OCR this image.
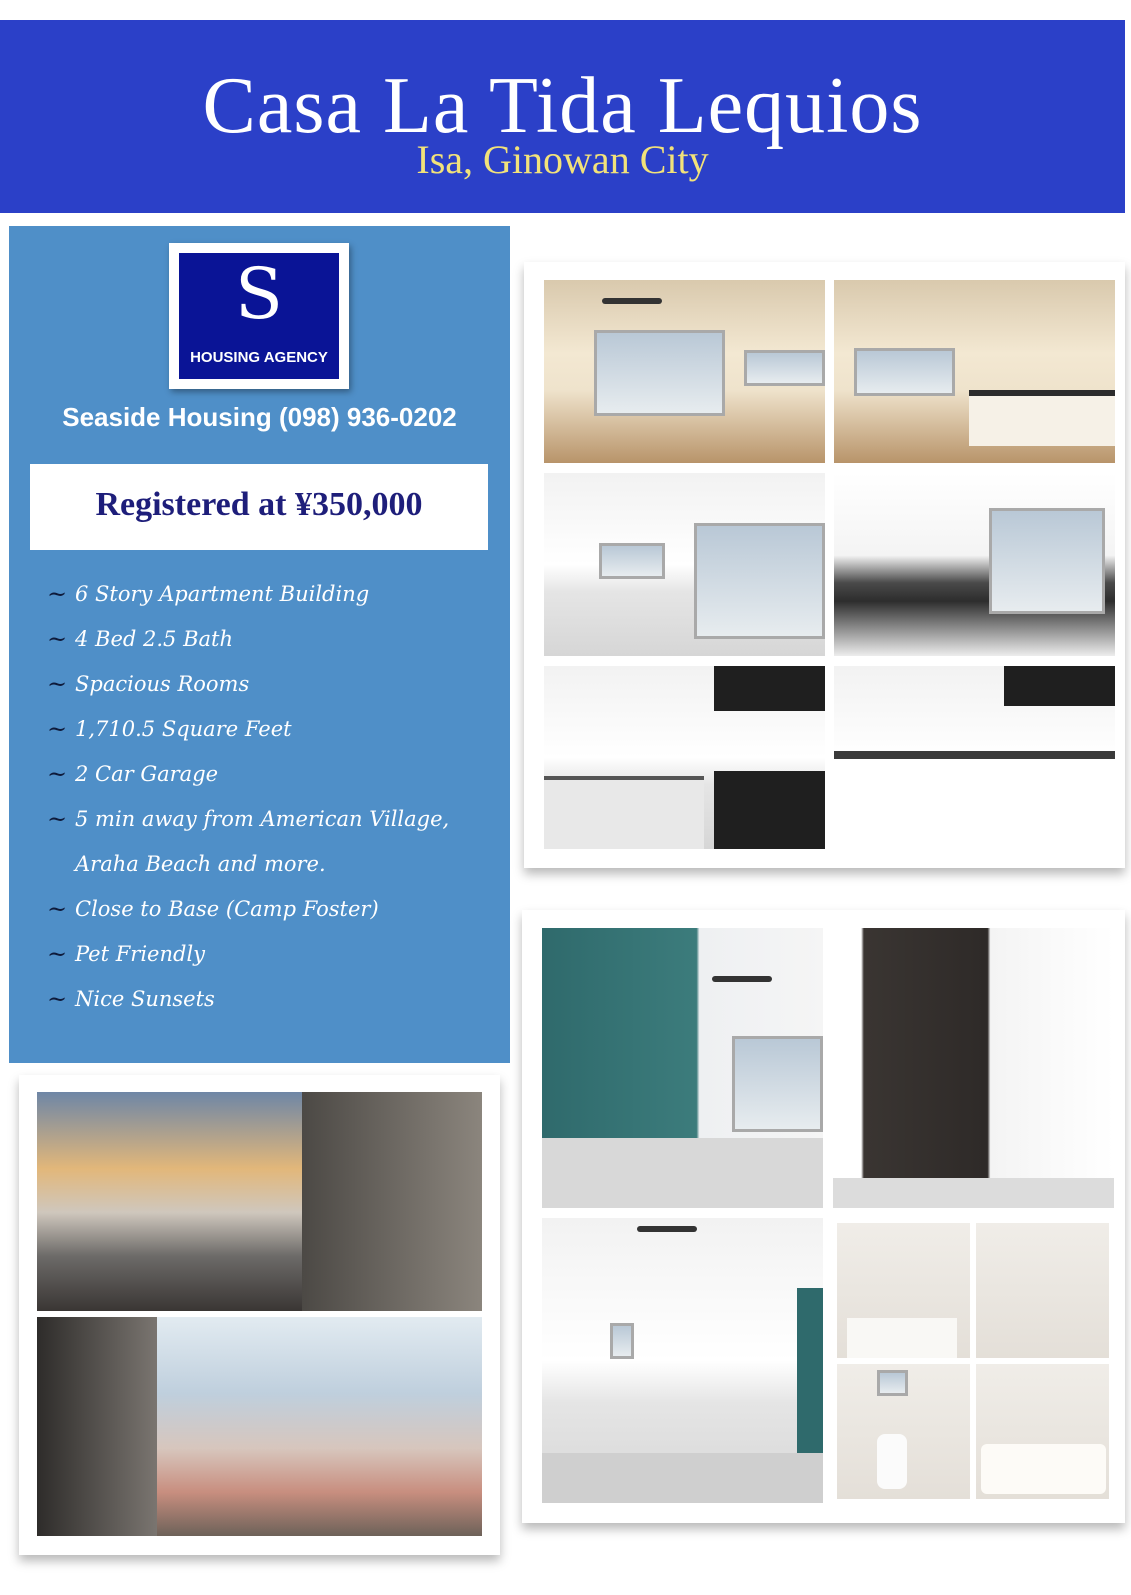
Casa La Tida Lequios
Isa, Ginowan City
S
HOUSING AGENCY
Seaside Housing (098) 936-0202
Registered at ¥350,000
~ 6 Story Apartment Building
~ 4 Bed 2.5 Bath
~ Spacious Rooms
~ 1,710.5 Square Feet
~ 2 Car Garage
~ 5 min away from American Village, Araha Beach and more.
~ Close to Base (Camp Foster)
~ Pet Friendly
~ Nice Sunsets
